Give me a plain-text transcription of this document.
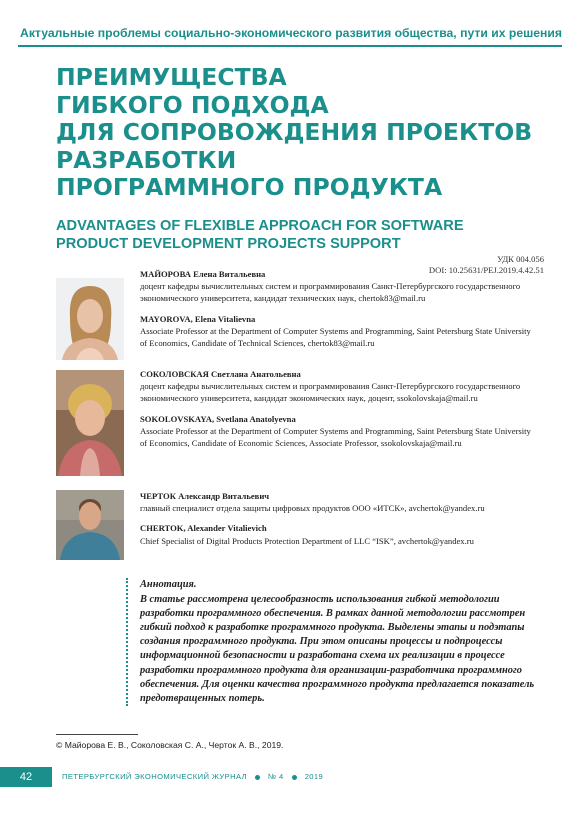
Актуальные проблемы социально-экономического развития общества, пути их решения
ПРЕИМУЩЕСТВА
ГИБКОГО ПОДХОДА
ДЛЯ СОПРОВОЖДЕНИЯ ПРОЕКТОВ
РАЗРАБОТКИ
ПРОГРАММНОГО ПРОДУКТА
ADVANTAGES OF FLEXIBLE APPROACH FOR SOFTWARE
PRODUCT DEVELOPMENT PROJECTS SUPPORT
УДК 004.056
DOI: 10.25631/PEJ.2019.4.42.51
МАЙОРОВА Елена Витальевна
доцент кафедры вычислительных систем и программирования Санкт-Петербургского государственного экономического университета, кандидат технических наук, chertok83@mail.ru
MAYOROVA, Elena Vitalievna
Associate Professor at the Department of Computer Systems and Programming, Saint Petersburg State University of Economics, Candidate of Technical Sciences, chertok83@mail.ru
СОКОЛОВСКАЯ Светлана Анатольевна
доцент кафедры вычислительных систем и программирования Санкт-Петербургского государственного экономического университета, кандидат экономических наук, доцент, ssokolovskaja@mail.ru
SOKOLOVSKAYA, Svetlana Anatolyevna
Associate Professor at the Department of Computer Systems and Programming, Saint Petersburg State University of Economics, Candidate of Economic Sciences, Associate Professor, ssokolovskaja@mail.ru
ЧЕРТОК Александр Витальевич
главный специалист отдела защиты цифровых продуктов ООО «ИТСК», avchertok@yandex.ru
CHERTOK, Alexander Vitalievich
Chief Specialist of Digital Products Protection Department of LLC “ISK”, avchertok@yandex.ru
Аннотация.
В статье рассмотрена целесообразность использования гибкой методологии разработки программного обеспечения. В рамках данной методологии рассмотрен гибкий подход к разработке программного продукта. Выделены этапы и подэтапы создания программного продукта. При этом описаны процессы и подпроцессы информационной безопасности и разработана схема их реализации в процессе разработки программного продукта для организации-разработчика программного обеспечения. Для оценки качества программного продукта предлагается показатель предотвращенных потерь.
© Майорова Е. В., Соколовская С. А., Черток А. В., 2019.
42	ПЕТЕРБУРГСКИЙ ЭКОНОМИЧЕСКИЙ ЖУРНАЛ	№ 4	2019
